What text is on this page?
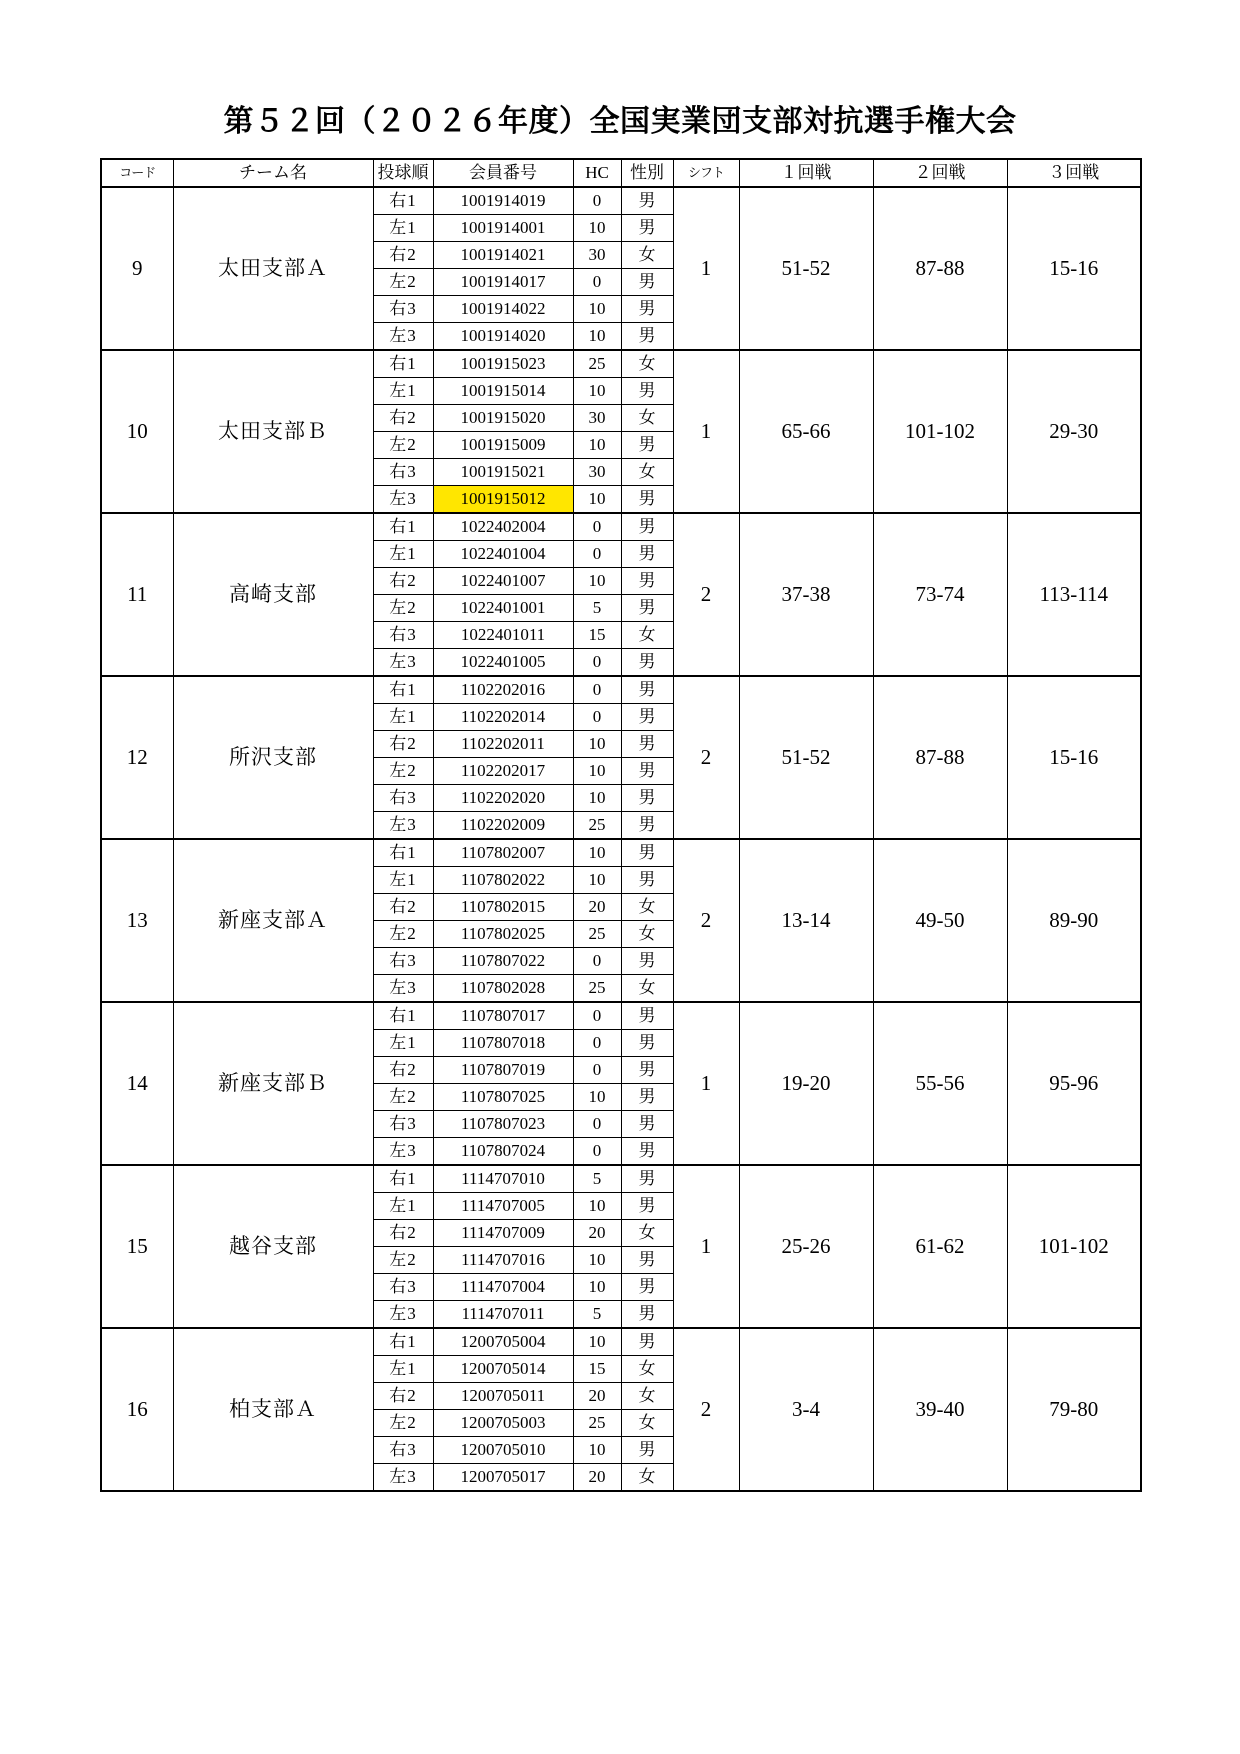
第５２回（２０２６年度）全国実業団支部対抗選手権大会
コード	チーム名	投球順	会員番号	HC	性別	シフト	１回戦	２回戦	３回戦
9	太田支部Ａ	右1	1001914019	0	男	1	51-52	87-88	15-16
		左1	1001914001	10	男				
		右2	1001914021	30	女				
		左2	1001914017	0	男				
		右3	1001914022	10	男				
		左3	1001914020	10	男				
10	太田支部Ｂ	右1	1001915023	25	女	1	65-66	101-102	29-30
		左1	1001915014	10	男				
		右2	1001915020	30	女				
		左2	1001915009	10	男				
		右3	1001915021	30	女				
		左3	1001915012	10	男				
11	高崎支部	右1	1022402004	0	男	2	37-38	73-74	113-114
		左1	1022401004	0	男				
		右2	1022401007	10	男				
		左2	1022401001	5	男				
		右3	1022401011	15	女				
		左3	1022401005	0	男				
12	所沢支部	右1	1102202016	0	男	2	51-52	87-88	15-16
		左1	1102202014	0	男				
		右2	1102202011	10	男				
		左2	1102202017	10	男				
		右3	1102202020	10	男				
		左3	1102202009	25	男				
13	新座支部Ａ	右1	1107802007	10	男	2	13-14	49-50	89-90
		左1	1107802022	10	男				
		右2	1107802015	20	女				
		左2	1107802025	25	女				
		右3	1107807022	0	男				
		左3	1107802028	25	女				
14	新座支部Ｂ	右1	1107807017	0	男	1	19-20	55-56	95-96
		左1	1107807018	0	男				
		右2	1107807019	0	男				
		左2	1107807025	10	男				
		右3	1107807023	0	男				
		左3	1107807024	0	男				
15	越谷支部	右1	1114707010	5	男	1	25-26	61-62	101-102
		左1	1114707005	10	男				
		右2	1114707009	20	女				
		左2	1114707016	10	男				
		右3	1114707004	10	男				
		左3	1114707011	5	男				
16	柏支部Ａ	右1	1200705004	10	男	2	3-4	39-40	79-80
		左1	1200705014	15	女				
		右2	1200705011	20	女				
		左2	1200705003	25	女				
		右3	1200705010	10	男				
		左3	1200705017	20	女				
